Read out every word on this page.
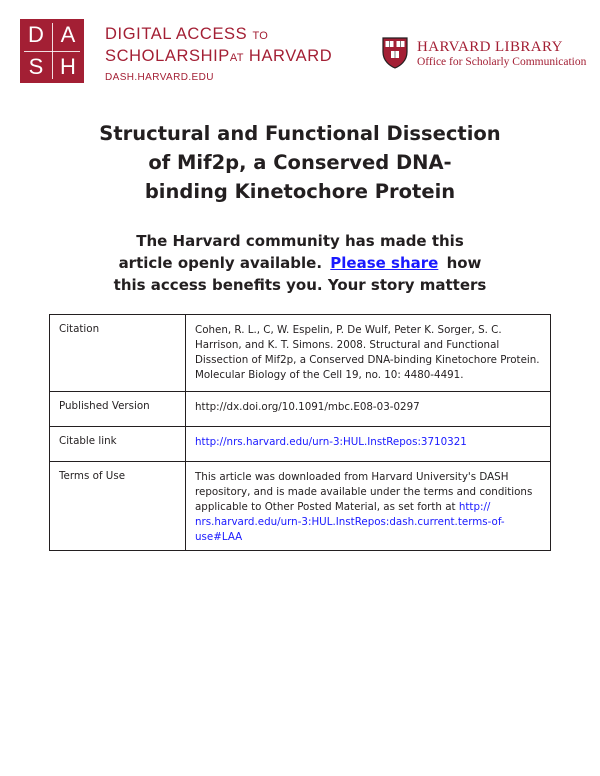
D A
S H
DIGITAL ACCESS TO
SCHOLARSHIPAT HARVARD
DASH.HARVARD.EDU
HARVARD LIBRARY
Office for Scholarly Communication
Structural and Functional Dissection
of Mif2p, a Conserved DNA-
binding Kinetochore Protein
The Harvard community has made this
article openly available. Please share how
this access benefits you. Your story matters
Citation	Cohen, R. L., C, W. Espelin, P. De Wulf, Peter K. Sorger, S. C. Harrison, and K. T. Simons. 2008. Structural and Functional Dissection of Mif2p, a Conserved DNA-binding Kinetochore Protein. Molecular Biology of the Cell 19, no. 10: 4480-4491.
Published Version	http://dx.doi.org/10.1091/mbc.E08-03-0297
Citable link	http://nrs.harvard.edu/urn-3:HUL.InstRepos:3710321
Terms of Use	This article was downloaded from Harvard University's DASH repository, and is made available under the terms and conditions applicable to Other Posted Material, as set forth at http:// nrs.harvard.edu/urn-3:HUL.InstRepos:dash.current.terms-of-use#LAA
